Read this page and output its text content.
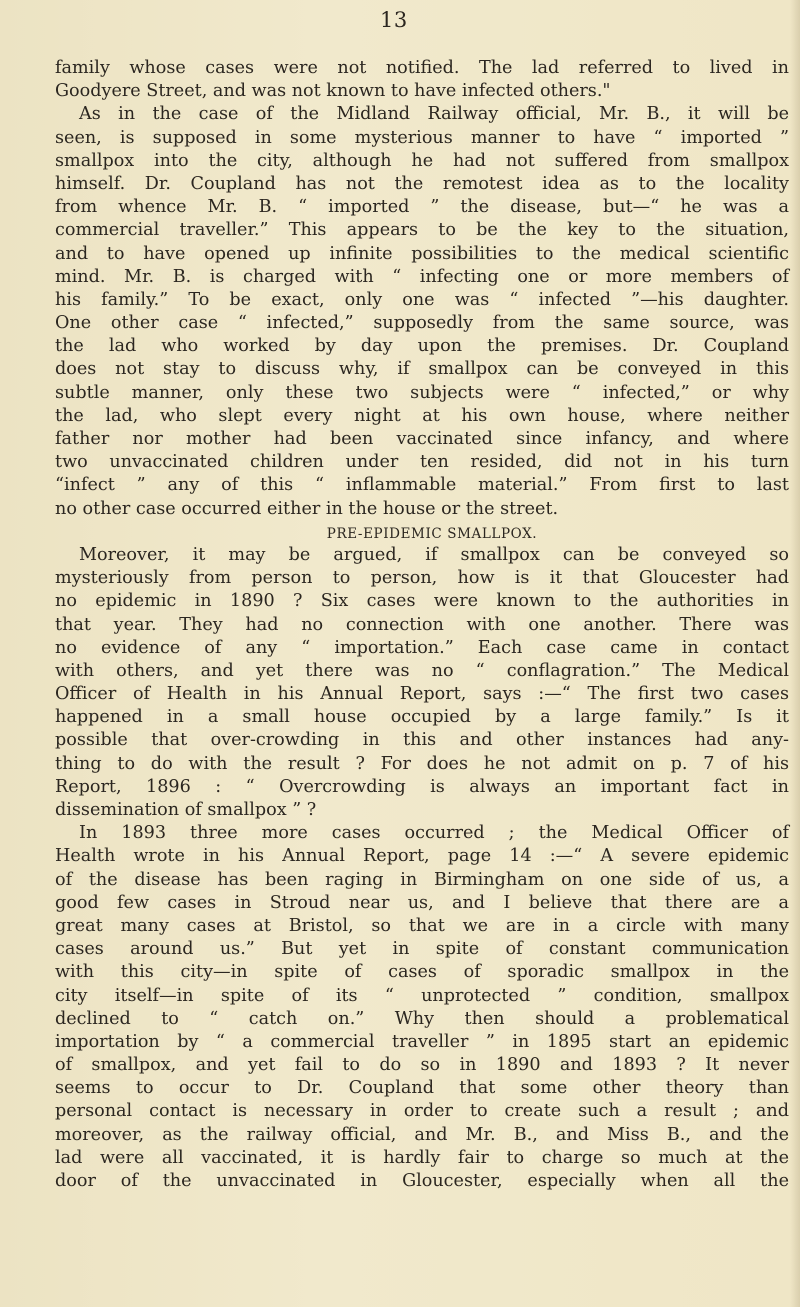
13
family whose cases were not notified. The lad referred to lived in
Goodyere Street, and was not known to have infected others."
As in the case of the Midland Railway official, Mr. B., it will be
seen, is supposed in some mysterious manner to have “ imported ”
smallpox into the city, although he had not suffered from smallpox
himself. Dr. Coupland has not the remotest idea as to the locality
from whence Mr. B. “ imported ” the disease, but—“ he was a
commercial traveller.” This appears to be the key to the situation,
and to have opened up infinite possibilities to the medical scientific
mind. Mr. B. is charged with “ infecting one or more members of
his family.” To be exact, only one was “ infected ”—his daughter.
One other case “ infected,” supposedly from the same source, was
the lad who worked by day upon the premises. Dr. Coupland
does not stay to discuss why, if smallpox can be conveyed in this
subtle manner, only these two subjects were “ infected,” or why
the lad, who slept every night at his own house, where neither
father nor mother had been vaccinated since infancy, and where
two unvaccinated children under ten resided, did not in his turn
“infect ” any of this “ inflammable material.” From first to last
no other case occurred either in the house or the street.
PRE-EPIDEMIC SMALLPOX.
Moreover, it may be argued, if smallpox can be conveyed so
mysteriously from person to person, how is it that Gloucester had
no epidemic in 1890 ? Six cases were known to the authorities in
that year. They had no connection with one another. There was
no evidence of any “ importation.” Each case came in contact
with others, and yet there was no “ conflagration.” The Medical
Officer of Health in his Annual Report, says :—“ The first two cases
happened in a small house occupied by a large family.” Is it
possible that over-crowding in this and other instances had any-
thing to do with the result ? For does he not admit on p. 7 of his
Report, 1896 : “ Overcrowding is always an important fact in
dissemination of smallpox ” ?
In 1893 three more cases occurred ; the Medical Officer of
Health wrote in his Annual Report, page 14 :—“ A severe epidemic
of the disease has been raging in Birmingham on one side of us, a
good few cases in Stroud near us, and I believe that there are a
great many cases at Bristol, so that we are in a circle with many
cases around us.” But yet in spite of constant communication
with this city—in spite of cases of sporadic smallpox in the
city itself—in spite of its “ unprotected ” condition, smallpox
declined to “ catch on.” Why then should a problematical
importation by “ a commercial traveller ” in 1895 start an epidemic
of smallpox, and yet fail to do so in 1890 and 1893 ? It never
seems to occur to Dr. Coupland that some other theory than
personal contact is necessary in order to create such a result ; and
moreover, as the railway official, and Mr. B., and Miss B., and the
lad were all vaccinated, it is hardly fair to charge so much at the
door of the unvaccinated in Gloucester, especially when all the
